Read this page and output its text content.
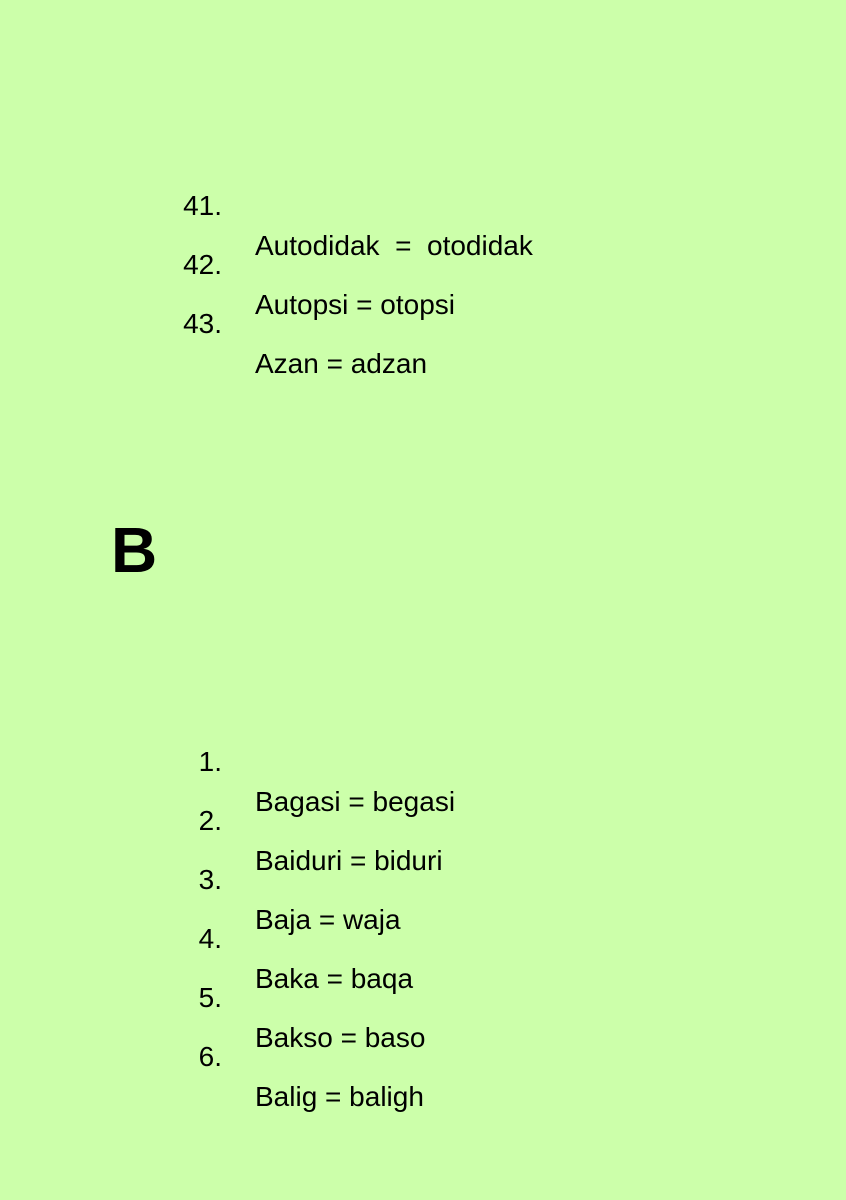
41.

Autodidak  =  otodidak

42.

Autopsi = otopsi

43.

Azan = adzan

B

1.

Bagasi = begasi

2.

Baiduri = biduri

3.

Baja = waja

4.

Baka = baqa

5.

Bakso = baso

6.

Balig = baligh
